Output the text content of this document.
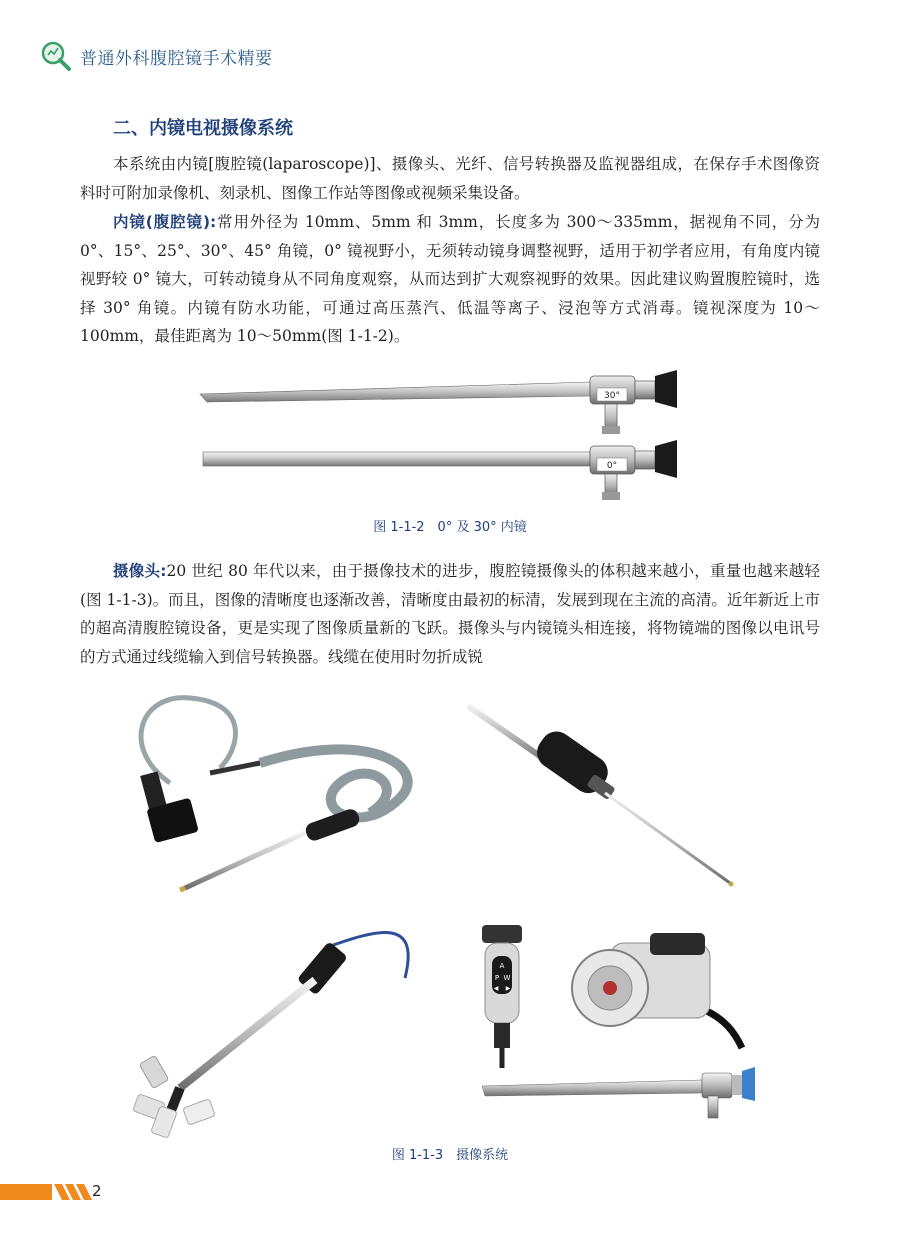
普通外科腹腔镜手术精要
二、内镜电视摄像系统

本系统由内镜[腹腔镜(laparoscope)]、摄像头、光纤、信号转换器及监视器组成，在保存手术图像资料时可附加录像机、刻录机、图像工作站等图像或视频采集设备。

内镜(腹腔镜):常用外径为 10mm、5mm 和 3mm，长度多为 300～335mm，据视角不同，分为 0°、15°、25°、30°、45° 角镜，0° 镜视野小，无须转动镜身调整视野，适用于初学者应用，有角度内镜视野较 0° 镜大，可转动镜身从不同角度观察，从而达到扩大观察视野的效果。因此建议购置腹腔镜时，选择 30° 角镜。内镜有防水功能，可通过高压蒸汽、低温等离子、浸泡等方式消毒。镜视深度为 10～100mm，最佳距离为 10～50mm(图 1-1-2)。

30°
0°
图 1-1-2　0° 及 30° 内镜

摄像头:20 世纪 80 年代以来，由于摄像技术的进步，腹腔镜摄像头的体积越来越小，重量也越来越轻(图 1-1-3)。而且，图像的清晰度也逐渐改善，清晰度由最初的标清，发展到现在主流的高清。近年新近上市的超高清腹腔镜设备，更是实现了图像质量新的飞跃。摄像头与内镜镜头相连接，将物镜端的图像以电讯号的方式通过线缆输入到信号转换器。线缆在使用时勿折成锐

A
P W
◀ ▶
图 1-1-3　摄像系统
2
